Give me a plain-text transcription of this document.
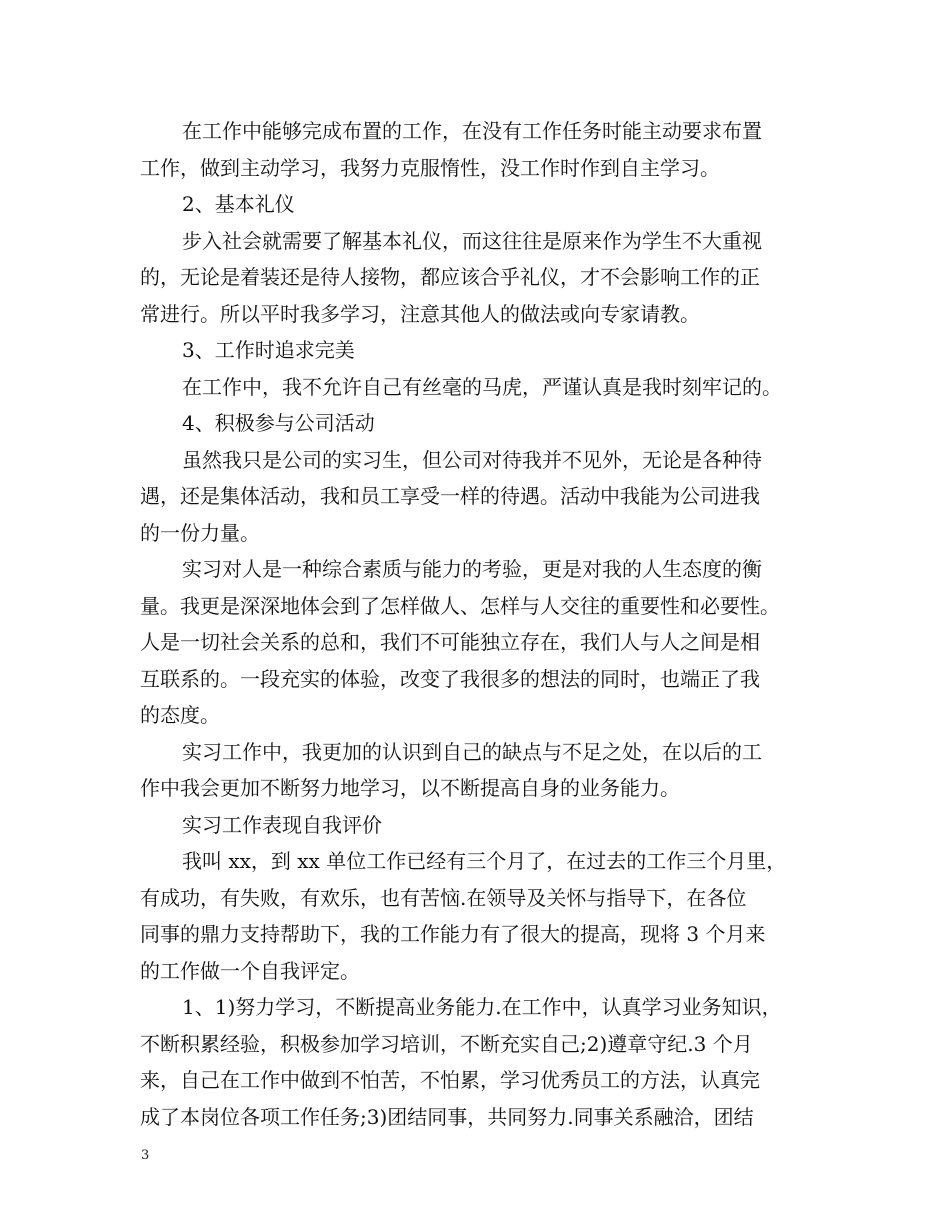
在工作中能够完成布置的工作，在没有工作任务时能主动要求布置
工作，做到主动学习，我努力克服惰性，没工作时作到自主学习。
2、基本礼仪
步入社会就需要了解基本礼仪，而这往往是原来作为学生不大重视
的，无论是着装还是待人接物，都应该合乎礼仪，才不会影响工作的正
常进行。所以平时我多学习，注意其他人的做法或向专家请教。
3、工作时追求完美
在工作中，我不允许自己有丝毫的马虎，严谨认真是我时刻牢记的。
4、积极参与公司活动
虽然我只是公司的实习生，但公司对待我并不见外，无论是各种待
遇，还是集体活动，我和员工享受一样的待遇。活动中我能为公司进我
的一份力量。
实习对人是一种综合素质与能力的考验，更是对我的人生态度的衡
量。我更是深深地体会到了怎样做人、怎样与人交往的重要性和必要性。
人是一切社会关系的总和，我们不可能独立存在，我们人与人之间是相
互联系的。一段充实的体验，改变了我很多的想法的同时，也端正了我
的态度。
实习工作中，我更加的认识到自己的缺点与不足之处，在以后的工
作中我会更加不断努力地学习，以不断提高自身的业务能力。
实习工作表现自我评价
我叫 xx，到 xx 单位工作已经有三个月了，在过去的工作三个月里，
有成功，有失败，有欢乐，也有苦恼.在领导及关怀与指导下，在各位
同事的鼎力支持帮助下，我的工作能力有了很大的提高，现将 3 个月来
的工作做一个自我评定。
1、1)努力学习，不断提高业务能力.在工作中，认真学习业务知识，
不断积累经验，积极参加学习培训，不断充实自己;2)遵章守纪.3 个月
来，自己在工作中做到不怕苦，不怕累，学习优秀员工的方法，认真完
成了本岗位各项工作任务;3)团结同事，共同努力.同事关系融洽，团结
3
